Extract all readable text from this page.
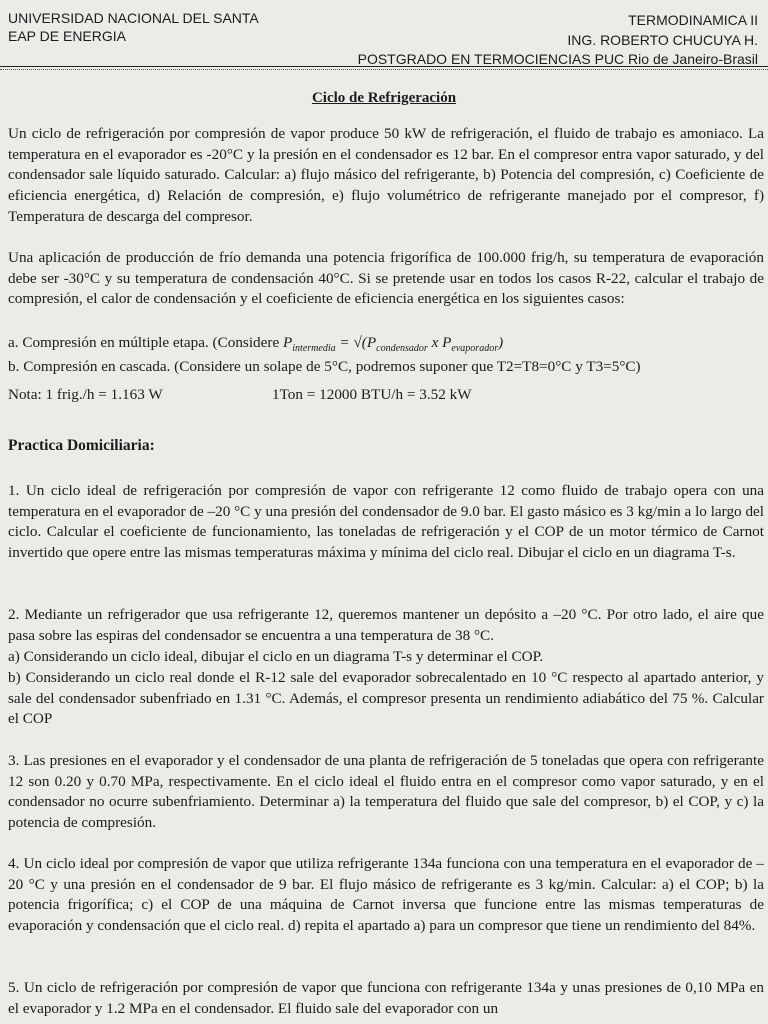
UNIVERSIDAD NACIONAL DEL SANTA
EAP DE ENERGIA
TERMODINAMICA II
ING. ROBERTO CHUCUYA H.
POSTGRADO EN TERMOCIENCIAS PUC Rio de Janeiro-Brasil
Ciclo de Refrigeración
Un ciclo de refrigeración por compresión de vapor produce 50 kW de refrigeración, el fluido de trabajo es amoniaco. La temperatura en el evaporador es -20°C y la presión en el condensador es 12 bar. En el compresor entra vapor saturado, y del condensador sale líquido saturado. Calcular: a) flujo másico del refrigerante, b) Potencia del compresión, c) Coeficiente de eficiencia energética, d) Relación de compresión, e) flujo volumétrico de refrigerante manejado por el compresor, f) Temperatura de descarga del compresor.
Una aplicación de producción de frío demanda una potencia frigorífica de 100.000 frig/h, su temperatura de evaporación debe ser -30°C y su temperatura de condensación 40°C. Si se pretende usar en todos los casos R-22, calcular el trabajo de compresión, el calor de condensación y el coeficiente de eficiencia energética en los siguientes casos:
a. Compresión en múltiple etapa. (Considere $P_{intermedia} = √(P_{condensador}$ x $P_{evaporador}$)
b. Compresión en cascada. (Considere un solape de 5°C, podremos suponer que T2=T8=0°C y T3=5°C)
Nota: 1 frig./h = 1.163 W	1Ton = 12000 BTU/h = 3.52 kW
Practica Domiciliaria:
1. Un ciclo ideal de refrigeración por compresión de vapor con refrigerante 12 como fluido de trabajo opera con una temperatura en el evaporador de –20 °C y una presión del condensador de 9.0 bar. El gasto másico es 3 kg/min a lo largo del ciclo. Calcular el coeficiente de funcionamiento, las toneladas de refrigeración y el COP de un motor térmico de Carnot invertido que opere entre las mismas temperaturas máxima y mínima del ciclo real. Dibujar el ciclo en un diagrama T-s.
2. Mediante un refrigerador que usa refrigerante 12, queremos mantener un depósito a –20 °C. Por otro lado, el aire que pasa sobre las espiras del condensador se encuentra a una temperatura de 38 °C.
a) Considerando un ciclo ideal, dibujar el ciclo en un diagrama T-s y determinar el COP.
b) Considerando un ciclo real donde el R-12 sale del evaporador sobrecalentado en 10 °C respecto al apartado anterior, y sale del condensador subenfriado en 1.31 °C. Además, el compresor presenta un rendimiento adiabático del 75 %. Calcular el COP
3. Las presiones en el evaporador y el condensador de una planta de refrigeración de 5 toneladas que opera con refrigerante 12 son 0.20 y 0.70 MPa, respectivamente. En el ciclo ideal el fluido entra en el compresor como vapor saturado, y en el condensador no ocurre subenfriamiento. Determinar a) la temperatura del fluido que sale del compresor, b) el COP, y c) la potencia de compresión.
4. Un ciclo ideal por compresión de vapor que utiliza refrigerante 134a funciona con una temperatura en el evaporador de – 20 °C y una presión en el condensador de 9 bar. El flujo másico de refrigerante es 3 kg/min. Calcular: a) el COP; b) la potencia frigorífica; c) el COP de una máquina de Carnot inversa que funcione entre las mismas temperaturas de evaporación y condensación que el ciclo real. d) repita el apartado a) para un compresor que tiene un rendimiento del 84%.
5. Un ciclo de refrigeración por compresión de vapor que funciona con refrigerante 134a y unas presiones de 0,10 MPa en el evaporador y 1.2 MPa en el condensador. El fluido sale del evaporador con un
